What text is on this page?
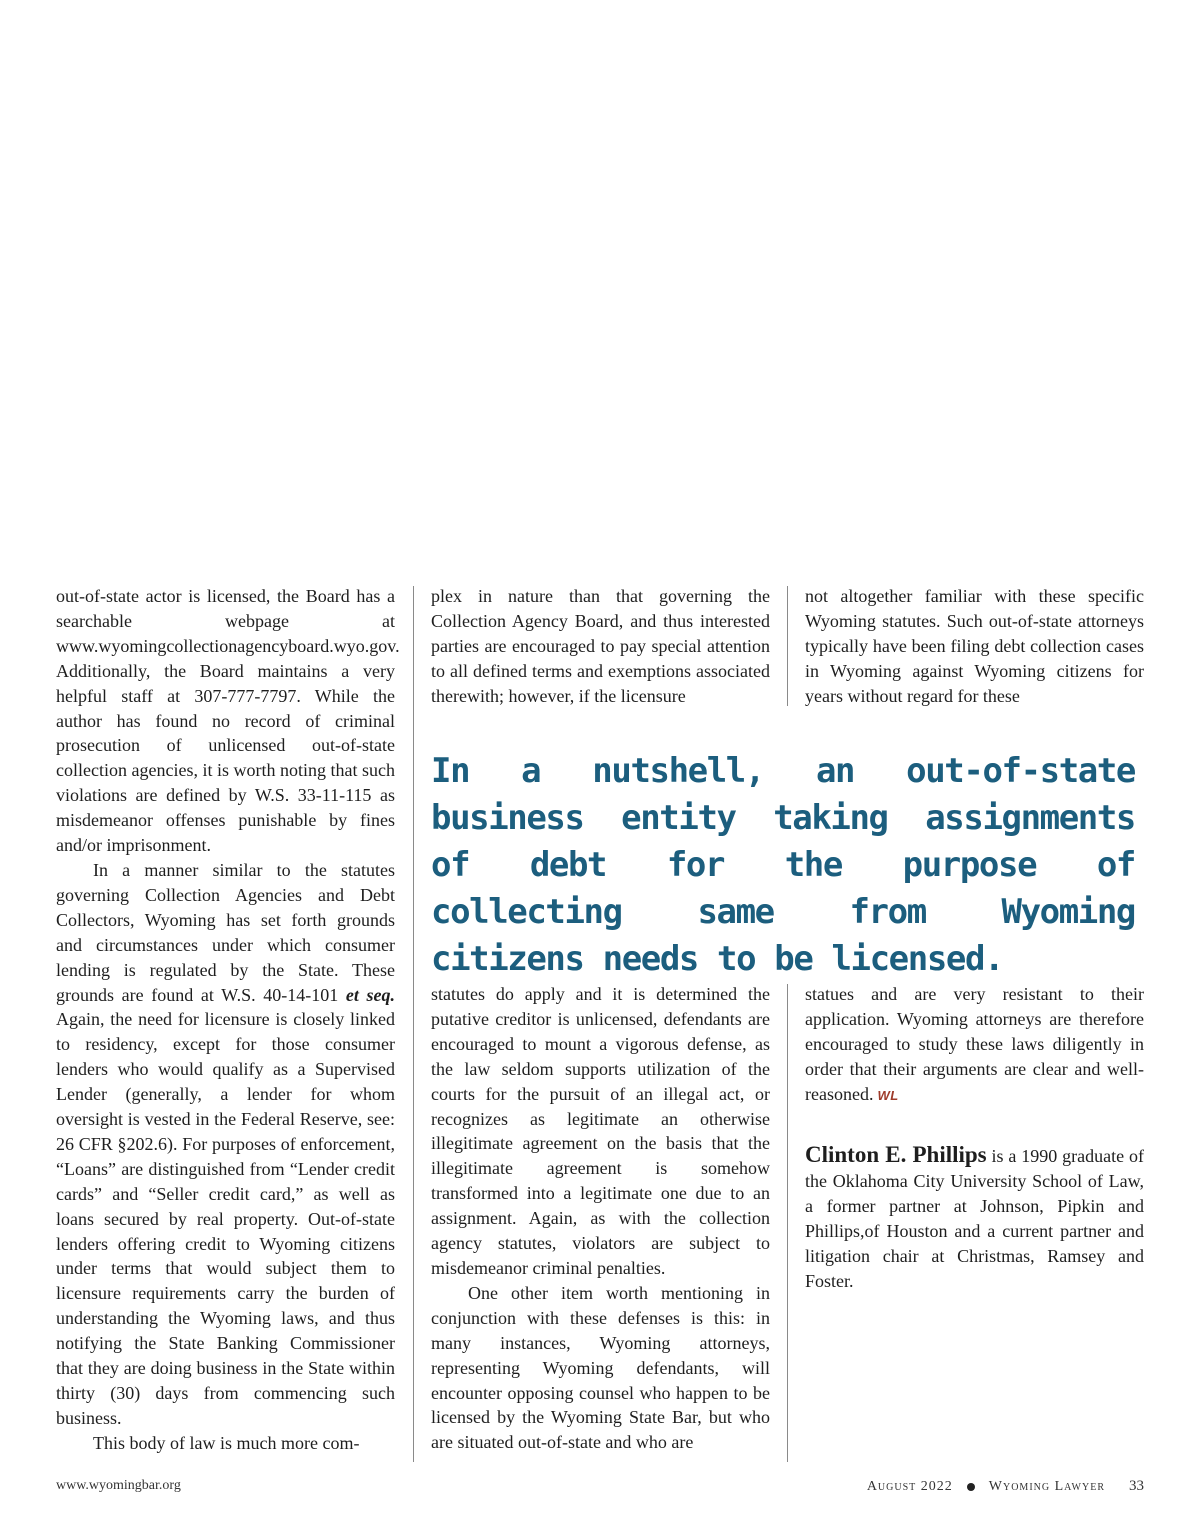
out-of-state actor is licensed, the Board has a searchable webpage at www.wyomingcollectionagencyboard.wyo.gov. Additionally, the Board maintains a very helpful staff at 307-777-7797. While the author has found no record of criminal prosecution of unlicensed out-of-state collection agencies, it is worth noting that such violations are defined by W.S. 33-11-115 as misdemeanor offenses punishable by fines and/or imprisonment.

In a manner similar to the statutes governing Collection Agencies and Debt Collectors, Wyoming has set forth grounds and circumstances under which consumer lending is regulated by the State. These grounds are found at W.S. 40-14-101 et seq. Again, the need for licensure is closely linked to residency, except for those consumer lenders who would qualify as a Supervised Lender (generally, a lender for whom oversight is vested in the Federal Reserve, see: 26 CFR §202.6). For purposes of enforcement, “Loans” are distinguished from “Lender credit cards” and “Seller credit card,” as well as loans secured by real property. Out-of-state lenders offering credit to Wyoming citizens under terms that would subject them to licensure requirements carry the burden of understanding the Wyoming laws, and thus notifying the State Banking Commissioner that they are doing business in the State within thirty (30) days from commencing such business.

This body of law is much more com-

plex in nature than that governing the Collection Agency Board, and thus interested parties are encouraged to pay special attention to all defined terms and exemptions associated therewith; however, if the licensure

not altogether familiar with these specific Wyoming statutes. Such out-of-state attorneys typically have been filing debt collection cases in Wyoming against Wyoming citizens for years without regard for these

In a nutshell, an out-of-state business entity taking assignments of debt for the purpose of collecting same from Wyoming citizens needs to be licensed.

statutes do apply and it is determined the putative creditor is unlicensed, defendants are encouraged to mount a vigorous defense, as the law seldom supports utilization of the courts for the pursuit of an illegal act, or recognizes as legitimate an otherwise illegitimate agreement on the basis that the illegitimate agreement is somehow transformed into a legitimate one due to an assignment. Again, as with the collection agency statutes, violators are subject to misdemeanor criminal penalties.

One other item worth mentioning in conjunction with these defenses is this: in many instances, Wyoming attorneys, representing Wyoming defendants, will encounter opposing counsel who happen to be licensed by the Wyoming State Bar, but who are situated out-of-state and who are

statues and are very resistant to their application. Wyoming attorneys are therefore encouraged to study these laws diligently in order that their arguments are clear and well-reasoned. WL

Clinton E. Phillips is a 1990 graduate of the Oklahoma City University School of Law, a former partner at Johnson, Pipkin and Phillips,of Houston and a current partner and litigation chair at Christmas, Ramsey and Foster.

www.wyomingbar.org	August 2022	Wyoming Lawyer 33
